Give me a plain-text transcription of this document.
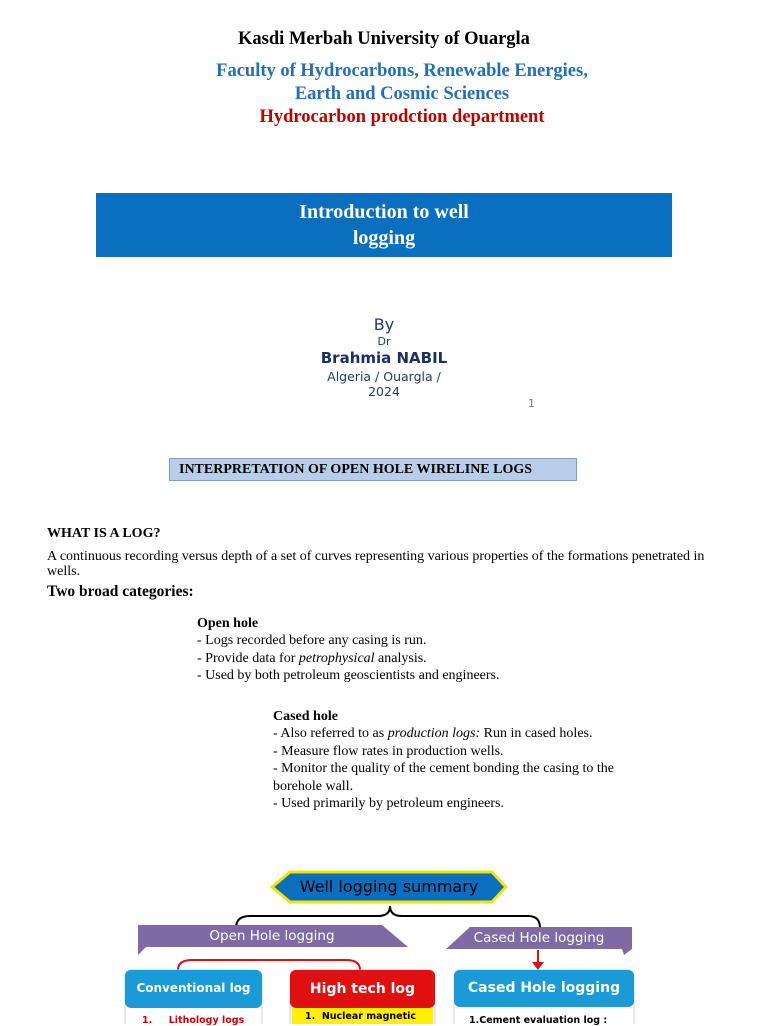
Kasdi Merbah University of Ouargla
Faculty of Hydrocarbons, Renewable Energies,
Earth and Cosmic Sciences
Hydrocarbon prodction department
Introduction to well
logging
By
Dr
Brahmia NABIL
Algeria / Ouargla /
2024
1
INTERPRETATION OF OPEN HOLE WIRELINE LOGS
WHAT IS A LOG?
A continuous recording versus depth of a set of curves representing various properties of the formations penetrated in wells.
Two broad categories:
Open hole
- Logs recorded before any casing is run.
- Provide data for petrophysical analysis.
- Used by both petroleum geoscientists and engineers.
Cased hole
- Also referred to as production logs: Run in cased holes.
- Measure flow rates in production wells.
- Monitor the quality of the cement bonding the casing to the borehole wall.
- Used primarily by petroleum engineers.
Well logging summary
Open Hole logging	Cased Hole logging
Conventional log
1.     Lithology logs
High tech log
1.  Nuclear magnetic
Cased Hole logging
1.Cement evaluation log :
